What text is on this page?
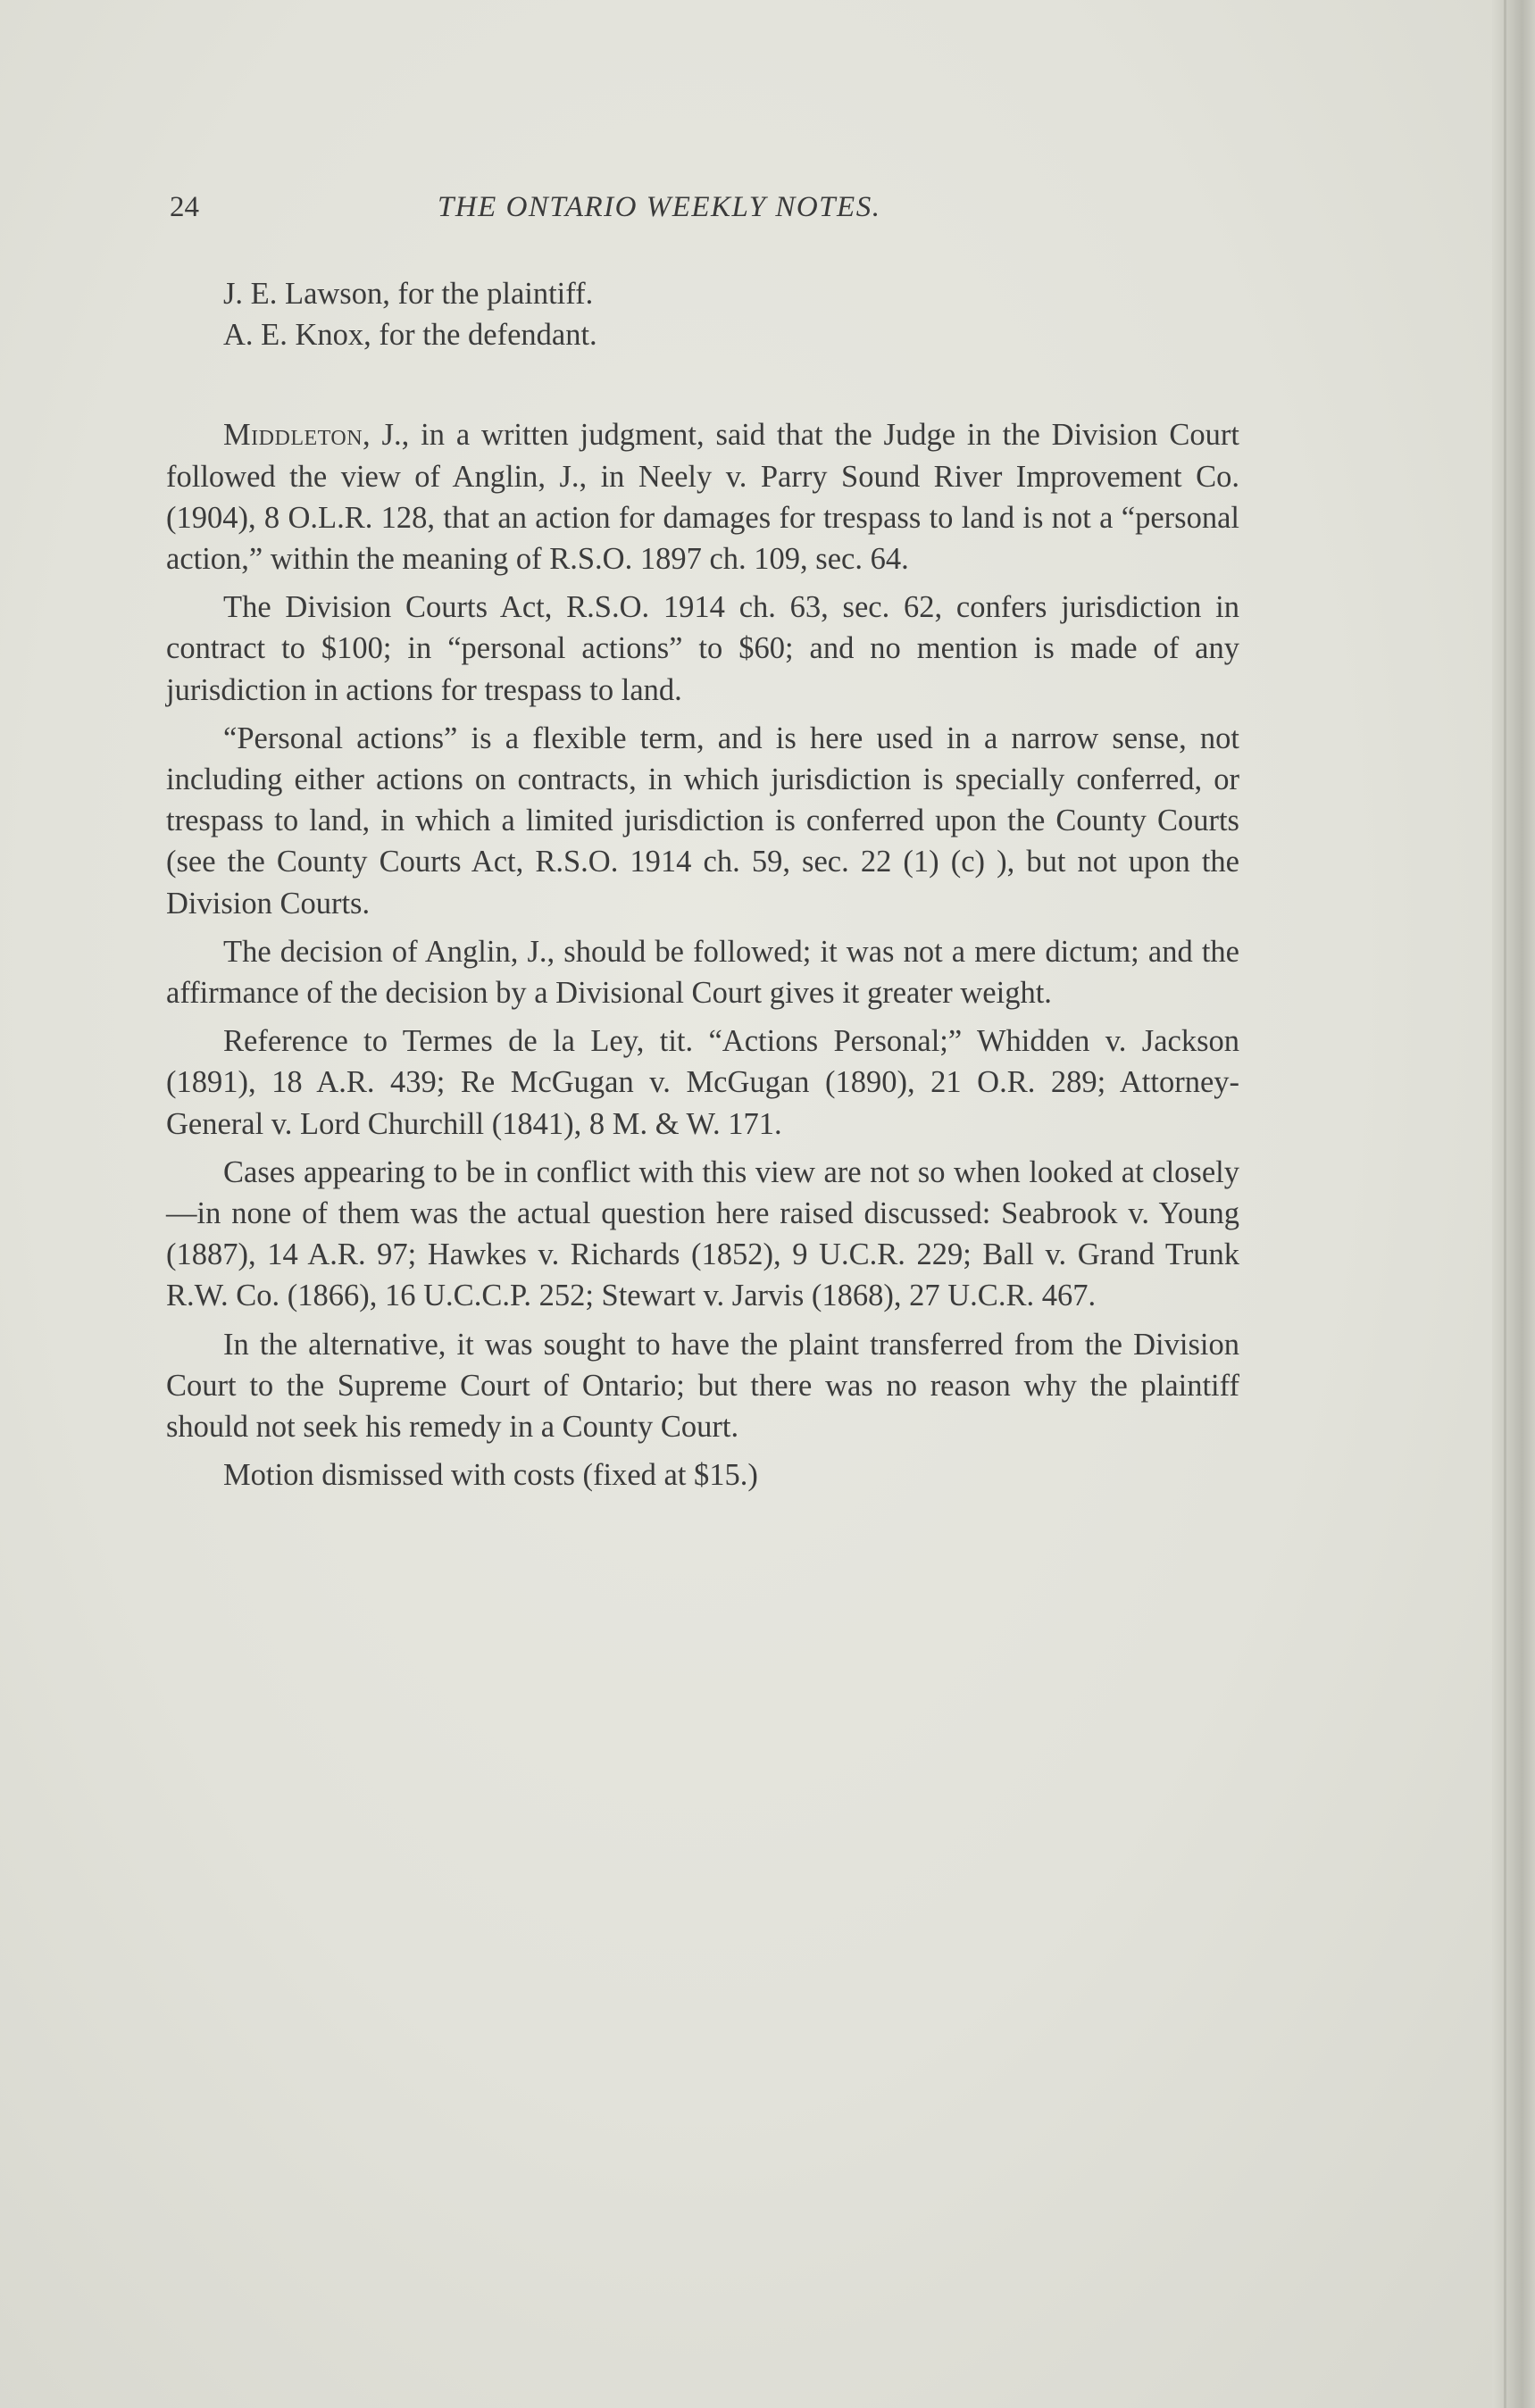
24	THE ONTARIO WEEKLY NOTES.
J. E. Lawson, for the plaintiff.
A. E. Knox, for the defendant.

Middleton, J., in a written judgment, said that the Judge in the Division Court followed the view of Anglin, J., in Neely v. Parry Sound River Improvement Co. (1904), 8 O.L.R. 128, that an action for damages for trespass to land is not a “personal action,” within the meaning of R.S.O. 1897 ch. 109, sec. 64.

The Division Courts Act, R.S.O. 1914 ch. 63, sec. 62, confers jurisdiction in contract to $100; in “personal actions” to $60; and no mention is made of any jurisdiction in actions for trespass to land.

“Personal actions” is a flexible term, and is here used in a narrow sense, not including either actions on contracts, in which jurisdiction is specially conferred, or trespass to land, in which a limited jurisdiction is conferred upon the County Courts (see the County Courts Act, R.S.O. 1914 ch. 59, sec. 22 (1) (c) ), but not upon the Division Courts.

The decision of Anglin, J., should be followed; it was not a mere dictum; and the affirmance of the decision by a Divisional Court gives it greater weight.

Reference to Termes de la Ley, tit. “Actions Personal;” Whidden v. Jackson (1891), 18 A.R. 439; Re McGugan v. McGugan (1890), 21 O.R. 289; Attorney-General v. Lord Churchill (1841), 8 M. & W. 171.

Cases appearing to be in conflict with this view are not so when looked at closely—in none of them was the actual question here raised discussed: Seabrook v. Young (1887), 14 A.R. 97; Hawkes v. Richards (1852), 9 U.C.R. 229; Ball v. Grand Trunk R.W. Co. (1866), 16 U.C.C.P. 252; Stewart v. Jarvis (1868), 27 U.C.R. 467.

In the alternative, it was sought to have the plaint transferred from the Division Court to the Supreme Court of Ontario; but there was no reason why the plaintiff should not seek his remedy in a County Court.

Motion dismissed with costs (fixed at $15.)
